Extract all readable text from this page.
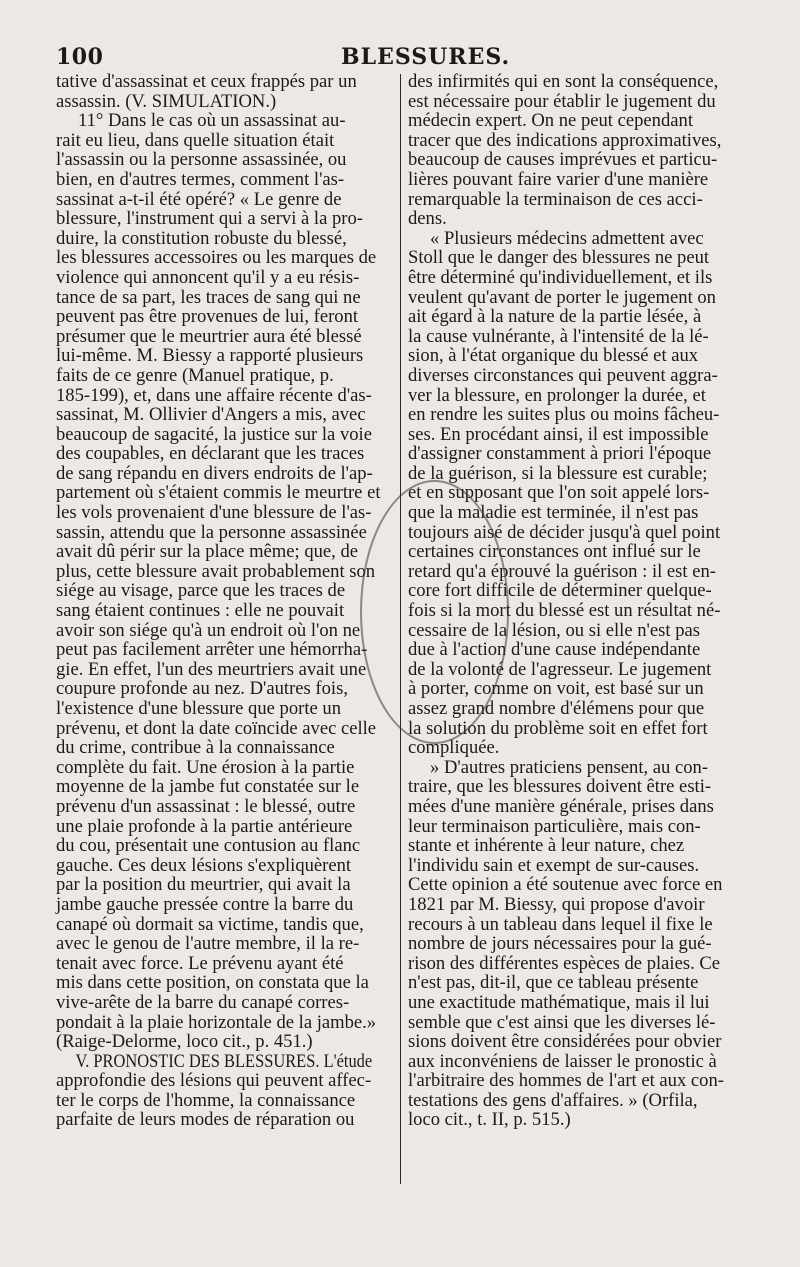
100	BLESSURES.
tative d'assassinat et ceux frappés par un
assassin. (V. SIMULATION.)
11° Dans le cas où un assassinat au-
rait eu lieu, dans quelle situation était
l'assassin ou la personne assassinée, ou
bien, en d'autres termes, comment l'as-
sassinat a-t-il été opéré? « Le genre de
blessure, l'instrument qui a servi à la pro-
duire, la constitution robuste du blessé,
les blessures accessoires ou les marques de
violence qui annoncent qu'il y a eu résis-
tance de sa part, les traces de sang qui ne
peuvent pas être provenues de lui, feront
présumer que le meurtrier aura été blessé
lui-même. M. Biessy a rapporté plusieurs
faits de ce genre (Manuel pratique, p.
185-199), et, dans une affaire récente d'as-
sassinat, M. Ollivier d'Angers a mis, avec
beaucoup de sagacité, la justice sur la voie
des coupables, en déclarant que les traces
de sang répandu en divers endroits de l'ap-
partement où s'étaient commis le meurtre et
les vols provenaient d'une blessure de l'as-
sassin, attendu que la personne assassinée
avait dû périr sur la place même; que, de
plus, cette blessure avait probablement son
siége au visage, parce que les traces de
sang étaient continues : elle ne pouvait
avoir son siége qu'à un endroit où l'on ne
peut pas facilement arrêter une hémorrha-
gie. En effet, l'un des meurtriers avait une
coupure profonde au nez. D'autres fois,
l'existence d'une blessure que porte un
prévenu, et dont la date coïncide avec celle
du crime, contribue à la connaissance
complète du fait. Une érosion à la partie
moyenne de la jambe fut constatée sur le
prévenu d'un assassinat : le blessé, outre
une plaie profonde à la partie antérieure
du cou, présentait une contusion au flanc
gauche. Ces deux lésions s'expliquèrent
par la position du meurtrier, qui avait la
jambe gauche pressée contre la barre du
canapé où dormait sa victime, tandis que,
avec le genou de l'autre membre, il la re-
tenait avec force. Le prévenu ayant été
mis dans cette position, on constata que la
vive-arête de la barre du canapé corres-
pondait à la plaie horizontale de la jambe.»
(Raige-Delorme, loco cit., p. 451.)
V. PRONOSTIC DES BLESSURES. L'étude
approfondie des lésions qui peuvent affec-
ter le corps de l'homme, la connaissance
parfaite de leurs modes de réparation ou
des infirmités qui en sont la conséquence,
est nécessaire pour établir le jugement du
médecin expert. On ne peut cependant
tracer que des indications approximatives,
beaucoup de causes imprévues et particu-
lières pouvant faire varier d'une manière
remarquable la terminaison de ces acci-
dens.
« Plusieurs médecins admettent avec
Stoll que le danger des blessures ne peut
être déterminé qu'individuellement, et ils
veulent qu'avant de porter le jugement on
ait égard à la nature de la partie lésée, à
la cause vulnérante, à l'intensité de la lé-
sion, à l'état organique du blessé et aux
diverses circonstances qui peuvent aggra-
ver la blessure, en prolonger la durée, et
en rendre les suites plus ou moins fâcheu-
ses. En procédant ainsi, il est impossible
d'assigner constamment à priori l'époque
de la guérison, si la blessure est curable;
et en supposant que l'on soit appelé lors-
que la maladie est terminée, il n'est pas
toujours aisé de décider jusqu'à quel point
certaines circonstances ont influé sur le
retard qu'a éprouvé la guérison : il est en-
core fort difficile de déterminer quelque-
fois si la mort du blessé est un résultat né-
cessaire de la lésion, ou si elle n'est pas
due à l'action d'une cause indépendante
de la volonté de l'agresseur. Le jugement
à porter, comme on voit, est basé sur un
assez grand nombre d'élémens pour que
la solution du problème soit en effet fort
compliquée.
» D'autres praticiens pensent, au con-
traire, que les blessures doivent être esti-
mées d'une manière générale, prises dans
leur terminaison particulière, mais con-
stante et inhérente à leur nature, chez
l'individu sain et exempt de sur-causes.
Cette opinion a été soutenue avec force en
1821 par M. Biessy, qui propose d'avoir
recours à un tableau dans lequel il fixe le
nombre de jours nécessaires pour la gué-
rison des différentes espèces de plaies. Ce
n'est pas, dit-il, que ce tableau présente
une exactitude mathématique, mais il lui
semble que c'est ainsi que les diverses lé-
sions doivent être considérées pour obvier
aux inconvéniens de laisser le pronostic à
l'arbitraire des hommes de l'art et aux con-
testations des gens d'affaires. » (Orfila,
loco cit., t. II, p. 515.)
